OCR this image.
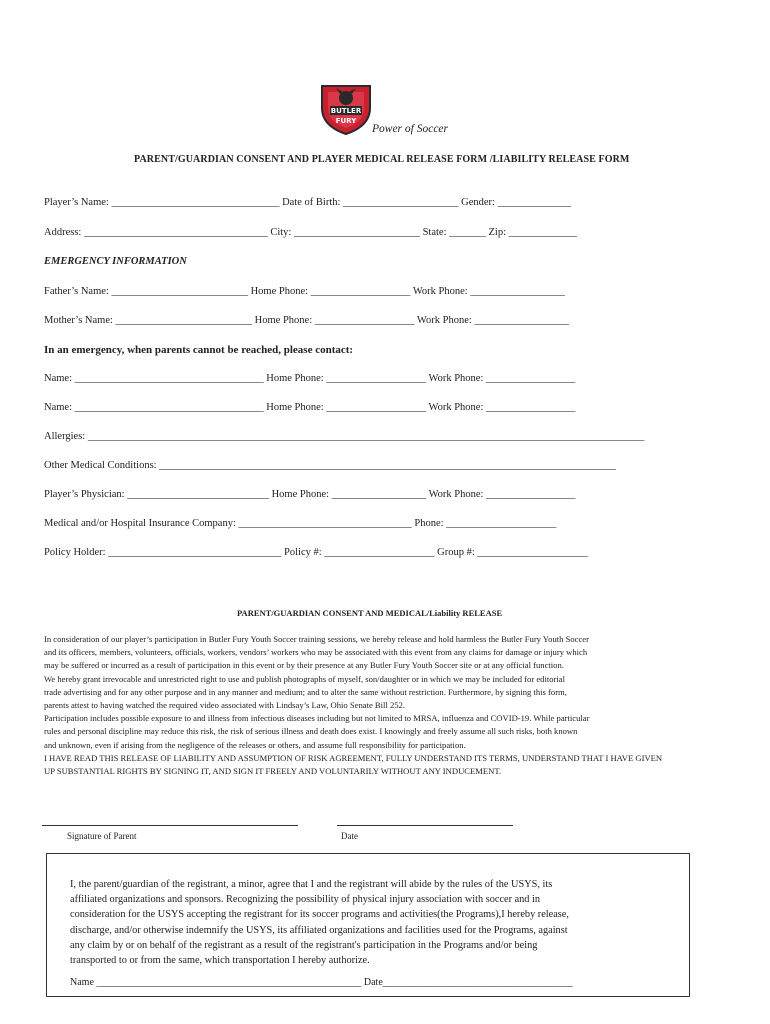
BUTLER
FURY
Power of Soccer
PARENT/GUARDIAN CONSENT AND PLAYER MEDICAL RELEASE FORM /LIABILITY RELEASE FORM
Player’s Name: ________________________________ Date of Birth: ______________________ Gender: ______________
Address: ___________________________________ City: ________________________ State: _______ Zip: _____________
EMERGENCY INFORMATION
Father’s Name: __________________________ Home Phone: ___________________ Work Phone: __________________
Mother’s Name: __________________________ Home Phone: ___________________ Work Phone: __________________
In an emergency, when parents cannot be reached, please contact:
Name: ____________________________________ Home Phone: ___________________ Work Phone: _________________
Name: ____________________________________ Home Phone: ___________________ Work Phone: _________________
Allergies: __________________________________________________________________________________________________________
Other Medical Conditions: _______________________________________________________________________________________
Player’s Physician: ___________________________ Home Phone: __________________ Work Phone: _________________
Medical and/or Hospital Insurance Company: _________________________________ Phone: _____________________
Policy Holder: _________________________________ Policy #: _____________________ Group #: _____________________
PARENT/GUARDIAN CONSENT AND MEDICAL/Liability RELEASE

In consideration of our player’s participation in Butler Fury Youth Soccer training sessions, we hereby release and hold harmless the Butler Fury Youth Soccer

and its officers, members, volunteers, officials, workers, vendors’ workers who may be associated with this event from any claims for damage or injury which

may be suffered or incurred as a result of participation in this event or by their presence at any Butler Fury Youth Soccer site or at any official function.

We hereby grant irrevocable and unrestricted right to use and publish photographs of myself, son/daughter or in which we may be included for editorial

trade advertising and for any other purpose and in any manner and medium; and to alter the same without restriction. Furthermore, by signing this form,

parents attest to having watched the required video associated with Lindsay’s Law, Ohio Senate Bill 252.

Participation includes possible exposure to and illness from infectious diseases including but not limited to MRSA, influenza and COVID-19. While particular

rules and personal discipline may reduce this risk, the risk of serious illness and death does exist. I knowingly and freely assume all such risks, both known

and unknown, even if arising from the negligence of the releases or others, and assume full responsibility for participation.

I HAVE READ THIS RELEASE OF LIABILITY AND ASSUMPTION OF RISK AGREEMENT, FULLY UNDERSTAND ITS TERMS, UNDERSTAND THAT I HAVE GIVEN

UP SUBSTANTIAL RIGHTS BY SIGNING IT, AND SIGN IT FREELY AND VOLUNTARILY WITHOUT ANY INDUCEMENT.

Signature of Parent	Date

I, the parent/guardian of the registrant, a minor, agree that I and the registrant will abide by the rules of the USYS, its

affiliated organizations and sponsors. Recognizing the possibility of physical injury association with soccer and in

consideration for the USYS accepting the registrant for its soccer programs and activities(the Programs),I hereby release,

discharge, and/or otherwise indemnify the USYS, its affiliated organizations and facilities used for the Programs, against

any claim by or on behalf of the registrant as a result of the registrant's participation in the Programs and/or being

transported to or from the same, which transportation I hereby authorize.

Name _____________________________________________________ Date______________________________________
